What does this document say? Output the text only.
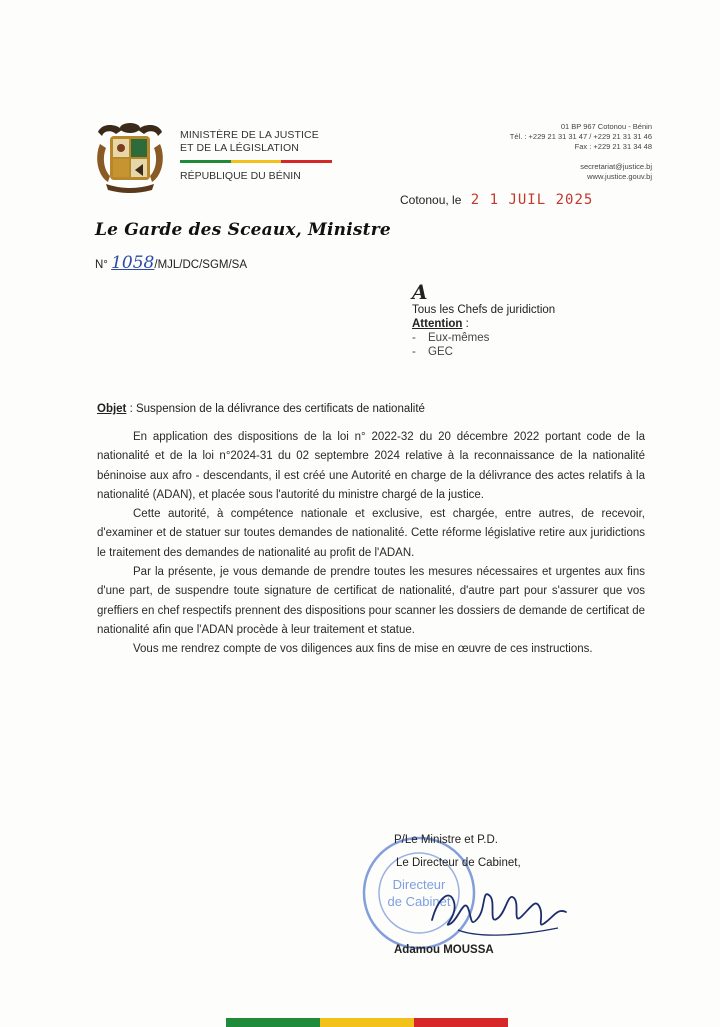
MINISTÈRE DE LA JUSTICE
ET DE LA LÉGISLATION
RÉPUBLIQUE DU BÉNIN
01 BP 967 Cotonou - Bénin
Tél. : +229 21 31 31 47 / +229 21 31 31 46
Fax : +229 21 31 34 48
secretariat@justice.bj
www.justice.gouv.bj
Cotonou, le 2 1 JUIL 2025
Le Garde des Sceaux, Ministre
N° 1058/MJL/DC/SGM/SA
A
Tous les Chefs de juridiction
Attention :
- Eux-mêmes
- GEC
Objet : Suspension de la délivrance des certificats de nationalité

En application des dispositions de la loi n° 2022-32 du 20 décembre 2022 portant code de la nationalité et de la loi n°2024-31 du 02 septembre 2024 relative à la reconnaissance de la nationalité béninoise aux afro - descendants, il est créé une Autorité en charge de la délivrance des actes relatifs à la nationalité (ADAN), et placée sous l'autorité du ministre chargé de la justice.

Cette autorité, à compétence nationale et exclusive, est chargée, entre autres, de recevoir, d'examiner et de statuer sur toutes demandes de nationalité. Cette réforme législative retire aux juridictions le traitement des demandes de nationalité au profit de l'ADAN.

Par la présente, je vous demande de prendre toutes les mesures nécessaires et urgentes aux fins d'une part, de suspendre toute signature de certificat de nationalité, d'autre part pour s'assurer que vos greffiers en chef respectifs prennent des dispositions pour scanner les dossiers de demande de certificat de nationalité afin que l'ADAN procède à leur traitement et statue.

Vous me rendrez compte de vos diligences aux fins de mise en œuvre de ces instructions.

Directeur
de Cabinet
P/Le Ministre et P.D.
Le Directeur de Cabinet,
Adamou MOUSSA
